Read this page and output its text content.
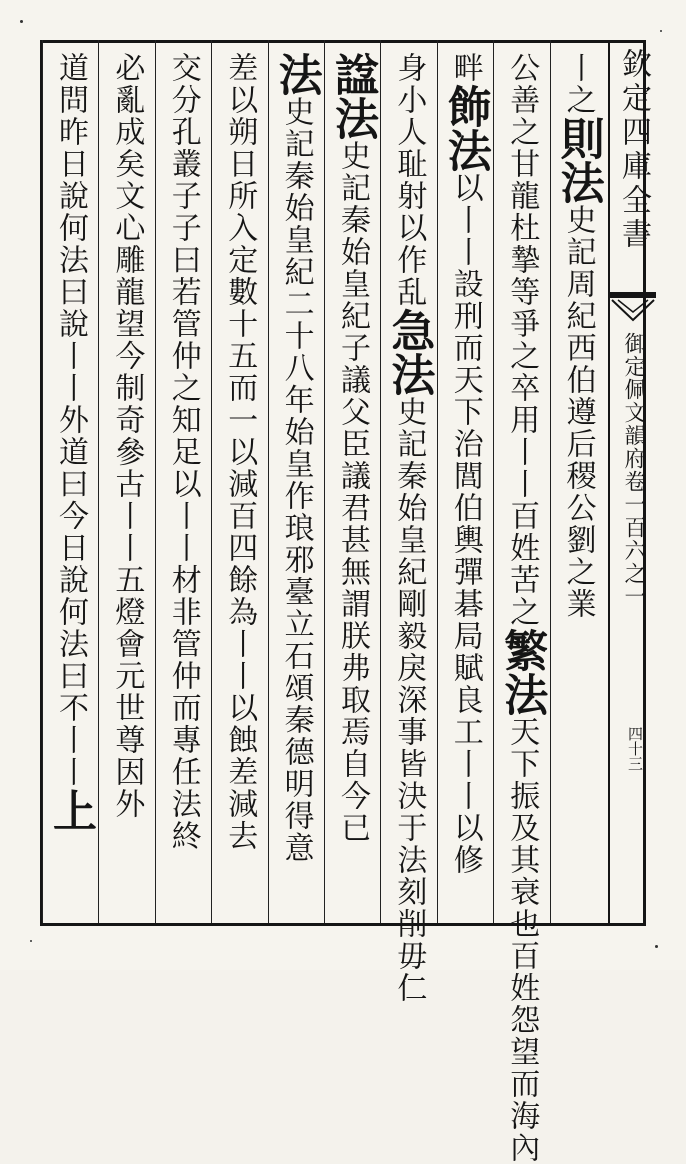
欽定四庫全書
御定佩文韻府卷一百六之一
四十三
丨之則法史記周紀西伯遵后稷公劉之業
公善之甘龍杜摯等爭之卒用丨丨百姓苦之繁法天下振及其衰也百姓怨望而海內
畔飾法以丨丨設刑而天下治閭伯輿彈碁局賦良工丨丨以修
身小人耻射以作乱急法史記秦始皇紀剛毅戾深事皆決于法刻削毋仁
諡法史記秦始皇紀子議父臣議君甚無謂朕弗取焉自今已
法史記秦始皇紀二十八年始皇作琅邪臺立石頌秦德明得意
差以朔日所入定數十五而一以減百四餘為丨丨以蝕差減去
交分孔叢子子曰若管仲之知足以丨丨材非管仲而專任法終
必亂成矣文心雕龍望今制奇參古丨丨五燈會元世尊因外
道問昨日說何法曰說丨丨外道曰今日說何法曰不丨丨上
